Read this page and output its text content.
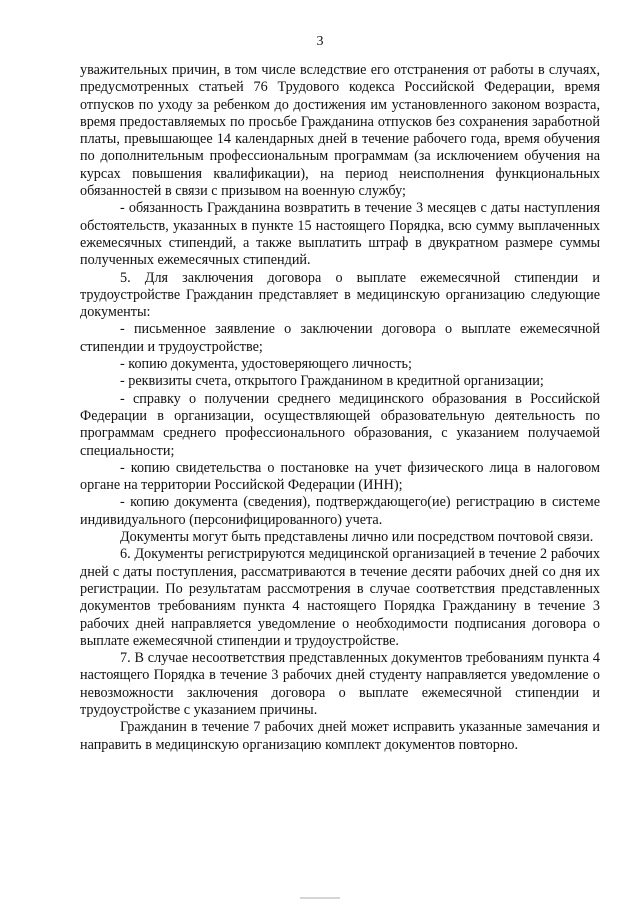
3

уважительных причин, в том числе вследствие его отстранения от работы в случаях, предусмотренных статьей 76 Трудового кодекса Российской Федерации, время отпусков по уходу за ребенком до достижения им установленного законом возраста, время предоставляемых по просьбе Гражданина отпусков без сохранения заработной платы, превышающее 14 календарных дней в течение рабочего года, время обучения по дополнительным профессиональным программам (за исключением обучения на курсах повышения квалификации), на период неисполнения функциональных обязанностей в связи с призывом на военную службу;

- обязанность Гражданина возвратить в течение 3 месяцев с даты наступления обстоятельств, указанных в пункте 15 настоящего Порядка, всю сумму выплаченных ежемесячных стипендий, а также выплатить штраф в двукратном размере суммы полученных ежемесячных стипендий.

5. Для заключения договора о выплате ежемесячной стипендии и трудоустройстве Гражданин представляет в медицинскую организацию следующие документы:

- письменное заявление о заключении договора о выплате ежемесячной стипендии и трудоустройстве;

- копию документа, удостоверяющего личность;

- реквизиты счета, открытого Гражданином в кредитной организации;

- справку о получении среднего медицинского образования в Российской Федерации в организации, осуществляющей образовательную деятельность по программам среднего профессионального образования, с указанием получаемой специальности;

- копию свидетельства о постановке на учет физического лица в налоговом органе на территории Российской Федерации (ИНН);

- копию документа (сведения), подтверждающего(ие) регистрацию в системе индивидуального (персонифицированного) учета.

Документы могут быть представлены лично или посредством почтовой связи.

6. Документы регистрируются медицинской организацией в течение 2 рабочих дней с даты поступления, рассматриваются в течение десяти рабочих дней со дня их регистрации. По результатам рассмотрения в случае соответствия представленных документов требованиям пункта 4 настоящего Порядка Гражданину в течение 3 рабочих дней направляется уведомление о необходимости подписания договора о выплате ежемесячной стипендии и трудоустройстве.

7. В случае несоответствия представленных документов требованиям пункта 4 настоящего Порядка в течение 3 рабочих дней студенту направляется уведомление о невозможности заключения договора о выплате ежемесячной стипендии и трудоустройстве с указанием причины.

Гражданин в течение 7 рабочих дней может исправить указанные замечания и направить в медицинскую организацию комплект документов повторно.
